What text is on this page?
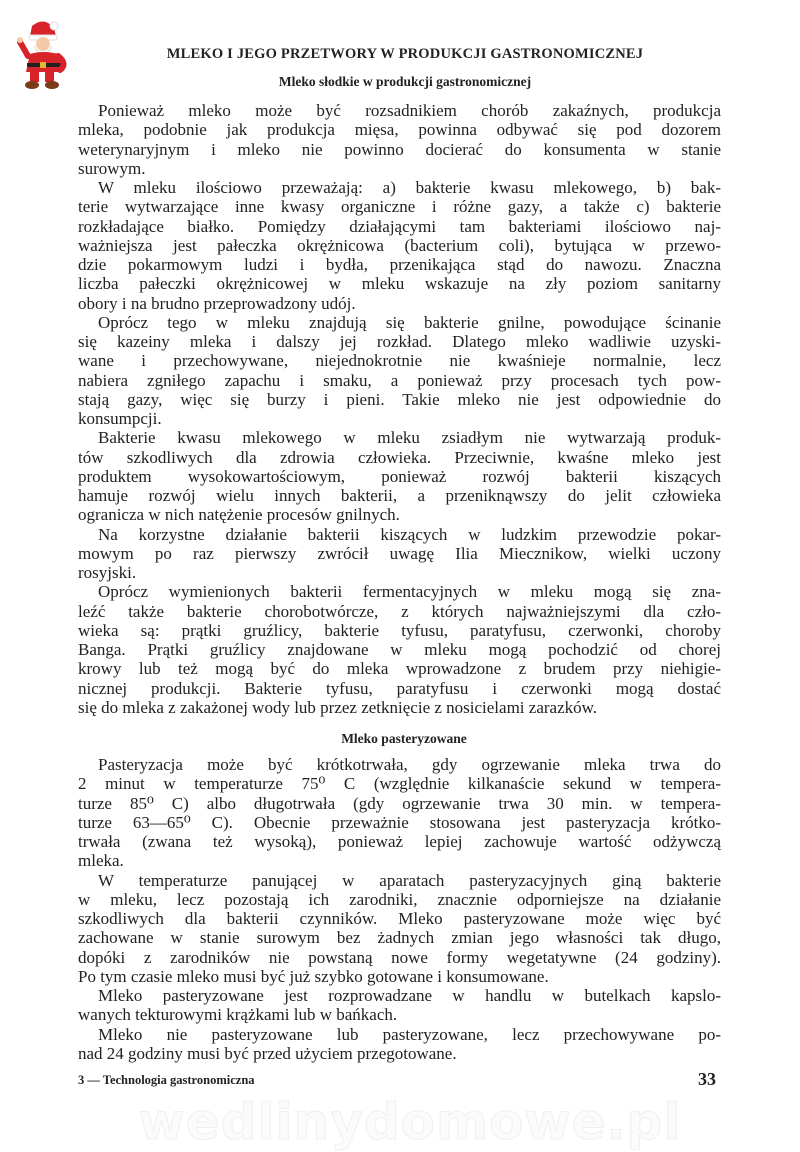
MLEKO I JEGO PRZETWORY W PRODUKCJI GASTRONOMICZNEJ
Mleko słodkie w produkcji gastronomicznej
Ponieważ mleko może być rozsadnikiem chorób zakaźnych, produkcja
mleka, podobnie jak produkcja mięsa, powinna odbywać się pod dozorem
weterynaryjnym i mleko nie powinno docierać do konsumenta w stanie
surowym.
W mleku ilościowo przeważają: a) bakterie kwasu mlekowego, b) bak-
terie wytwarzające inne kwasy organiczne i różne gazy, a także c) bakterie
rozkładające białko. Pomiędzy działającymi tam bakteriami ilościowo naj-
ważniejsza jest pałeczka okrężnicowa (bacterium coli), bytująca w przewo-
dzie pokarmowym ludzi i bydła, przenikająca stąd do nawozu. Znaczna
liczba pałeczki okrężnicowej w mleku wskazuje na zły poziom sanitarny
obory i na brudno przeprowadzony udój.
Oprócz tego w mleku znajdują się bakterie gnilne, powodujące ścinanie
się kazeiny mleka i dalszy jej rozkład. Dlatego mleko wadliwie uzyski-
wane i przechowywane, niejednokrotnie nie kwaśnieje normalnie, lecz
nabiera zgniłego zapachu i smaku, a ponieważ przy procesach tych pow-
stają gazy, więc się burzy i pieni. Takie mleko nie jest odpowiednie do
konsumpcji.
Bakterie kwasu mlekowego w mleku zsiadłym nie wytwarzają produk-
tów szkodliwych dla zdrowia człowieka. Przeciwnie, kwaśne mleko jest
produktem wysokowartościowym, ponieważ rozwój bakterii kiszących
hamuje rozwój wielu innych bakterii, a przeniknąwszy do jelit człowieka
ogranicza w nich natężenie procesów gnilnych.
Na korzystne działanie bakterii kiszących w ludzkim przewodzie pokar-
mowym po raz pierwszy zwrócił uwagę Ilia Miecznikow, wielki uczony
rosyjski.
Oprócz wymienionych bakterii fermentacyjnych w mleku mogą się zna-
leźć także bakterie chorobotwórcze, z których najważniejszymi dla czło-
wieka są: prątki gruźlicy, bakterie tyfusu, paratyfusu, czerwonki, choroby
Banga. Prątki gruźlicy znajdowane w mleku mogą pochodzić od chorej
krowy lub też mogą być do mleka wprowadzone z brudem przy niehigie-
nicznej produkcji. Bakterie tyfusu, paratyfusu i czerwonki mogą dostać
się do mleka z zakażonej wody lub przez zetknięcie z nosicielami zarazków.
Mleko pasteryzowane
Pasteryzacja może być krótkotrwała, gdy ogrzewanie mleka trwa do
2 minut w temperaturze 75⁰ C (względnie kilkanaście sekund w tempera-
turze 85⁰ C) albo długotrwała (gdy ogrzewanie trwa 30 min. w tempera-
turze 63—65⁰ C). Obecnie przeważnie stosowana jest pasteryzacja krótko-
trwała (zwana też wysoką), ponieważ lepiej zachowuje wartość odżywczą
mleka.
W temperaturze panującej w aparatach pasteryzacyjnych giną bakterie
w mleku, lecz pozostają ich zarodniki, znacznie odporniejsze na działanie
szkodliwych dla bakterii czynników. Mleko pasteryzowane może więc być
zachowane w stanie surowym bez żadnych zmian jego własności tak długo,
dopóki z zarodników nie powstaną nowe formy wegetatywne (24 godziny).
Po tym czasie mleko musi być już szybko gotowane i konsumowane.
Mleko pasteryzowane jest rozprowadzane w handlu w butelkach kapslo-
wanych tekturowymi krążkami lub w bańkach.
Mleko nie pasteryzowane lub pasteryzowane, lecz przechowywane po-
nad 24 godziny musi być przed użyciem przegotowane.
3 — Technologia gastronomiczna	33
wedlinydomowe.pl
